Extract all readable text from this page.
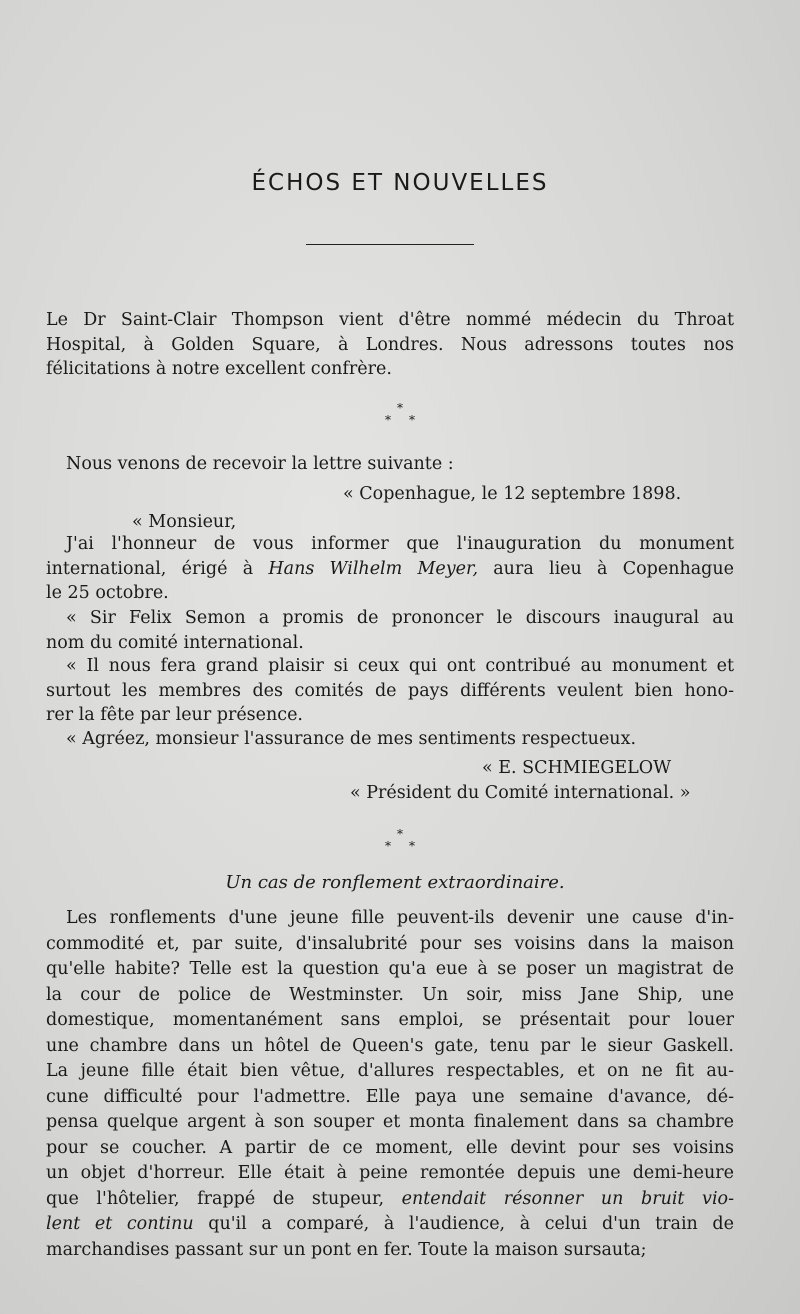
ÉCHOS ET NOUVELLES
Le Dr Saint-Clair Thompson vient d'être nommé médecin du Throat
Hospital, à Golden Square, à Londres. Nous adressons toutes nos
félicitations à notre excellent confrère.
*
**
Nous venons de recevoir la lettre suivante :
« Copenhague, le 12 septembre 1898.
« Monsieur,
J'ai l'honneur de vous informer que l'inauguration du monument
international, érigé à Hans Wilhelm Meyer, aura lieu à Copenhague
le 25 octobre.
« Sir Felix Semon a promis de prononcer le discours inaugural au
nom du comité international.
« Il nous fera grand plaisir si ceux qui ont contribué au monument et
surtout les membres des comités de pays différents veulent bien hono-
rer la fête par leur présence.
« Agréez, monsieur l'assurance de mes sentiments respectueux.
« E. SCHMIEGELOW
« Président du Comité international. »
*
**
Un cas de ronflement extraordinaire.
Les ronflements d'une jeune fille peuvent-ils devenir une cause d'in-
commodité et, par suite, d'insalubrité pour ses voisins dans la maison
qu'elle habite? Telle est la question qu'a eue à se poser un magistrat de
la cour de police de Westminster. Un soir, miss Jane Ship, une
domestique, momentanément sans emploi, se présentait pour louer
une chambre dans un hôtel de Queen's gate, tenu par le sieur Gaskell.
La jeune fille était bien vêtue, d'allures respectables, et on ne fit au-
cune difficulté pour l'admettre. Elle paya une semaine d'avance, dé-
pensa quelque argent à son souper et monta finalement dans sa chambre
pour se coucher. A partir de ce moment, elle devint pour ses voisins
un objet d'horreur. Elle était à peine remontée depuis une demi-heure
que l'hôtelier, frappé de stupeur, entendait résonner un bruit vio-
lent et continu qu'il a comparé, à l'audience, à celui d'un train de
marchandises passant sur un pont en fer. Toute la maison sursauta;
